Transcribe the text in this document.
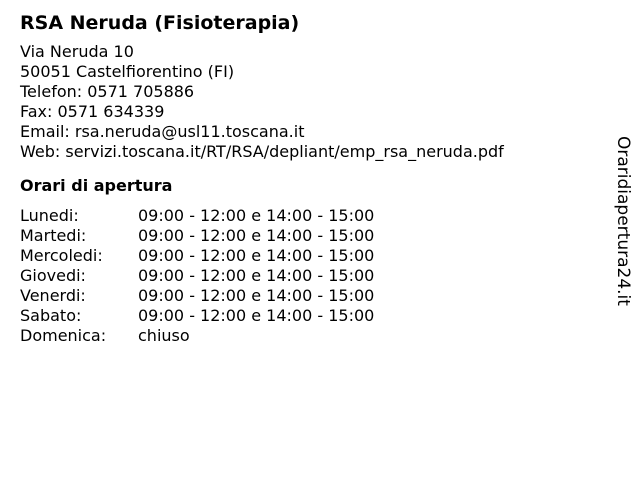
RSA Neruda (Fisioterapia)
Via Neruda 10
50051 Castelfiorentino (FI)
Telefon: 0571 705886
Fax: 0571 634339
Email: rsa.neruda@usl11.toscana.it
Web: servizi.toscana.it/RT/RSA/depliant/emp_rsa_neruda.pdf
Orari di apertura
Lunedi:	09:00 - 12:00 e 14:00 - 15:00
Martedi:	09:00 - 12:00 e 14:00 - 15:00
Mercoledi:	09:00 - 12:00 e 14:00 - 15:00
Giovedi:	09:00 - 12:00 e 14:00 - 15:00
Venerdi:	09:00 - 12:00 e 14:00 - 15:00
Sabato:	09:00 - 12:00 e 14:00 - 15:00
Domenica:	chiuso
Oraridiapertura24.it
